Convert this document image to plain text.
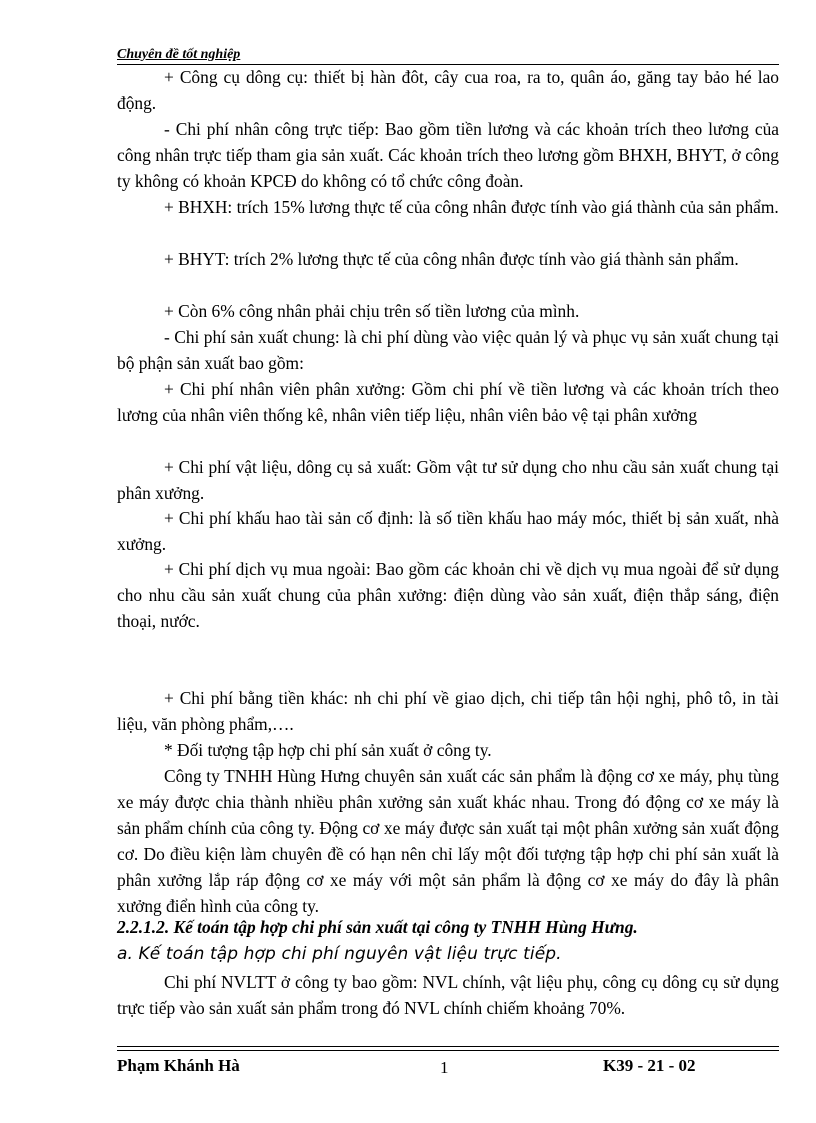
Chuyên đề tốt nghiệp

+ Công cụ dông cụ: thiết bị hàn đôt, cây cua roa, ra to, quân áo, găng tay bảo hé lao động.

- Chi phí nhân công trực tiếp: Bao gồm tiền lương và các khoản trích theo lương của công nhân trực tiếp tham gia sản xuất. Các khoản trích theo lương gồm BHXH, BHYT, ở công ty không có khoản KPCĐ do không có tổ chức công đoàn.

+ BHXH: trích 15% lương thực tế của công nhân được tính vào giá thành của sản phẩm.

+ BHYT: trích 2% lương thực tế của công nhân được tính vào giá thành sản phẩm.

+ Còn 6% công nhân phải chịu trên số tiền lương của mình.

- Chi phí sản xuất chung: là chi phí dùng vào việc quản lý và phục vụ sản xuất chung tại bộ phận sản xuất bao gồm:

+ Chi phí nhân viên phân xưởng: Gồm chi phí về tiền lương và các khoản trích theo lương của nhân viên thống kê, nhân viên tiếp liệu, nhân viên bảo vệ tại phân xưởng

+ Chi phí vật liệu, dông cụ sả xuất: Gồm vật tư sử dụng cho nhu cầu sản xuất chung tại phân xưởng.

+ Chi phí khấu hao tài sản cố định: là số tiền khấu hao máy móc, thiết bị sản xuất, nhà xưởng.

+ Chi phí dịch vụ mua ngoài: Bao gồm các khoản chi về dịch vụ mua ngoài để sử dụng cho nhu cầu sản xuất chung của phân xưởng: điện dùng vào sản xuất, điện thắp sáng, điện thoại, nước.

+ Chi phí bằng tiền khác: nh chi phí về giao dịch, chi tiếp tân hội nghị, phô tô, in tài liệu, văn phòng phẩm,….

* Đối tượng tập hợp chi phí sản xuất ở công ty.

Công ty TNHH Hùng Hưng chuyên sản xuất các sản phẩm là động cơ xe máy, phụ tùng xe máy được chia thành nhiều phân xưởng sản xuất khác nhau. Trong đó động cơ xe máy là sản phẩm chính của công ty. Động cơ xe máy được sản xuất tại một phân xưởng sản xuất động cơ. Do điều kiện làm chuyên đề có hạn nên chỉ lấy một đối tượng tập hợp chi phí sản xuất là phân xưởng lắp ráp động cơ xe máy với một sản phẩm là động cơ xe máy do đây là phân xưởng điển hình của công ty.

2.2.1.2. Kế toán tập hợp chi phí sản xuất tại công ty TNHH Hùng Hưng.
a. Kế toán tập hợp chi phí nguyên vật liệu trực tiếp.

Chi phí NVLTT ở công ty bao gồm: NVL chính, vật liệu phụ, công cụ dông cụ sử dụng trực tiếp vào sản xuất sản phẩm trong đó NVL chính chiếm khoảng 70%.

Phạm Khánh Hà	1	K39 - 21 - 02
